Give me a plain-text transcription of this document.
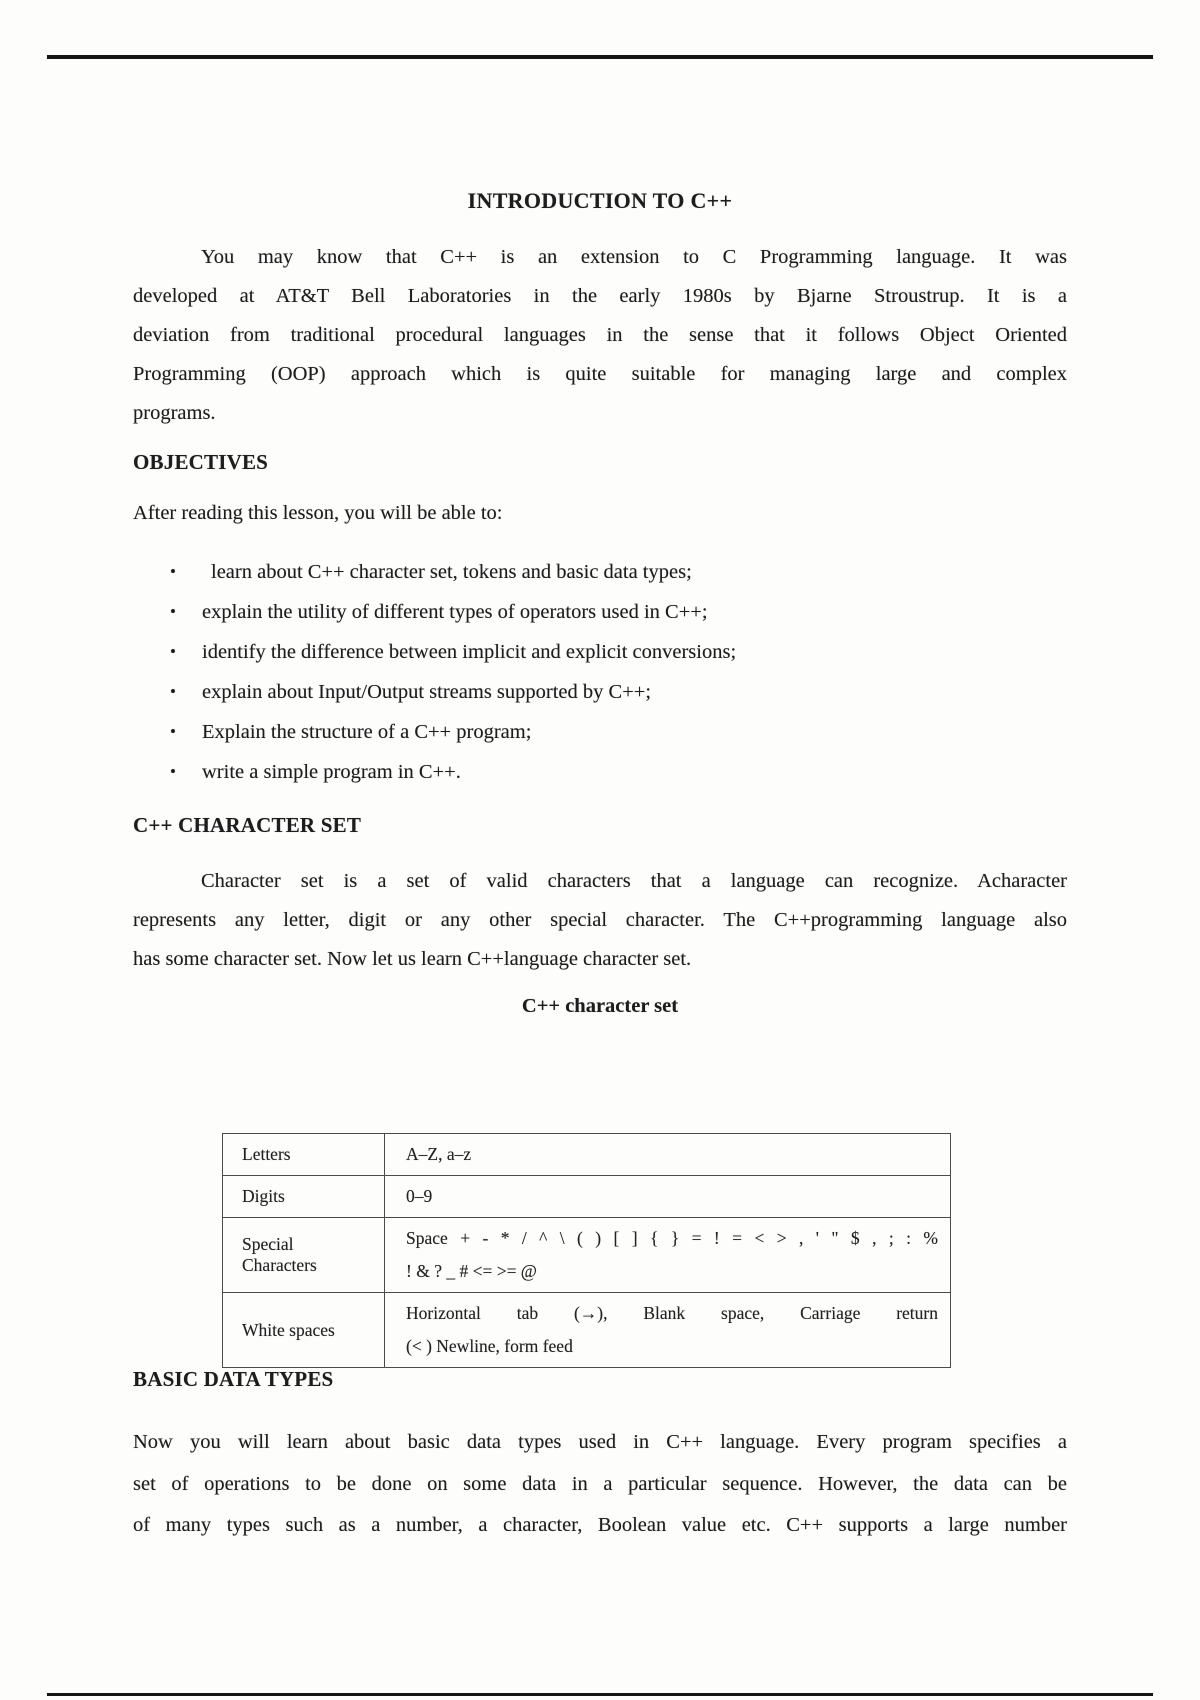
INTRODUCTION TO C++
You may know that C++ is an extension to C Programming language. It was
developed at AT&T Bell Laboratories in the early 1980s by Bjarne Stroustrup. It is a
deviation from traditional procedural languages in the sense that it follows Object Oriented
Programming (OOP) approach which is quite suitable for managing large and complex
programs.
OBJECTIVES
After reading this lesson, you will be able to:
•	learn about C++ character set, tokens and basic data types;
• explain the utility of different types of operators used in C++;
• identify the difference between implicit and explicit conversions;
• explain about Input/Output streams supported by C++;
• Explain the structure of a C++ program;
• write a simple program in C++.
C++ CHARACTER SET
Character set is a set of valid characters that a language can recognize. Acharacter
represents any letter, digit or any other special character. The C++programming language also
has some character set. Now let us learn C++language character set.
C++ character set
Letters	A–Z, a–z

Digits	0–9

Special Characters	Space + - * / ^ \ ( ) [ ] { } = ! = < > , ' " $ , ; : %
! & ? _ # <= >= @

White spaces	Horizontal tab (→), Blank space, Carriage return
(< ) Newline, form feed
BASIC DATA TYPES
Now you will learn about basic data types used in C++ language. Every program specifies a
set of operations to be done on some data in a particular sequence. However, the data can be
of many types such as a number, a character, Boolean value etc. C++ supports a large number
